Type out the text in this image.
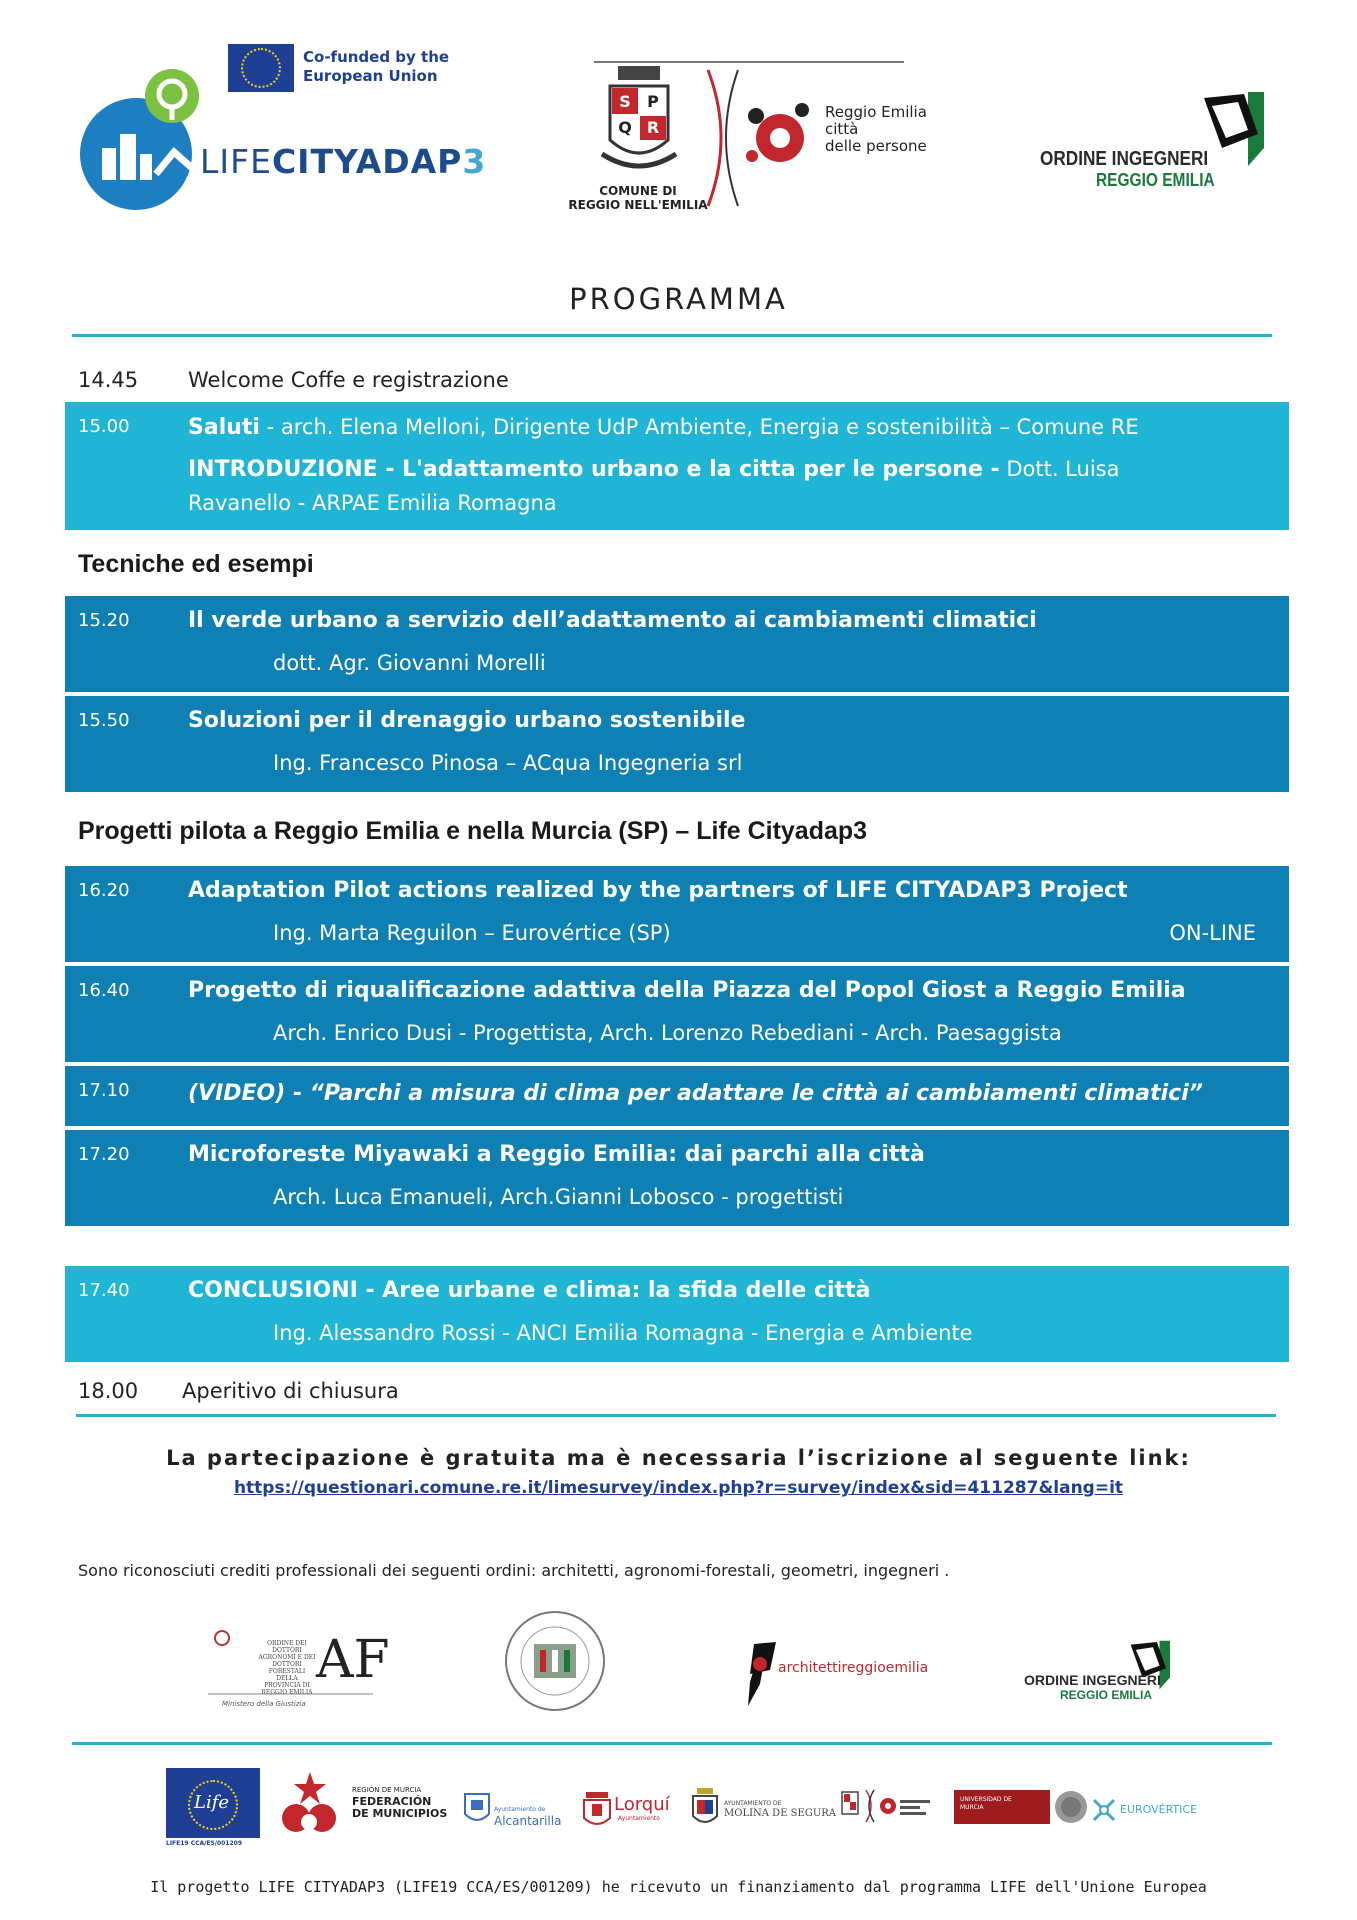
Co-funded by the European Union
LIFECITYADAP3
S P
Q R
COMUNE DI
REGGIO NELL'EMILIA
Reggio Emilia
città
delle persone
ORDINE INGEGNERI
REGGIO EMILIA
PROGRAMMA
14.45 Welcome Coffe e registrazione
15.00	Saluti - arch. Elena Melloni, Dirigente UdP Ambiente, Energia e sostenibilità – Comune RE
INTRODUZIONE - L'adattamento urbano e la citta per le persone - Dott. Luisa
Ravanello - ARPAE Emilia Romagna
Tecniche ed esempi
15.20	Il verde urbano a servizio dell’adattamento ai cambiamenti climatici
dott. Agr. Giovanni Morelli
15.50	Soluzioni per il drenaggio urbano sostenibile
Ing. Francesco Pinosa – ACqua Ingegneria srl
Progetti pilota a Reggio Emilia e nella Murcia (SP) – Life Cityadap3
16.20	Adaptation Pilot actions realized by the partners of LIFE CITYADAP3 Project
Ing. Marta Reguilon – Eurovértice (SP)	ON-LINE
16.40	Progetto di riqualificazione adattiva della Piazza del Popol Giost a Reggio Emilia
Arch. Enrico Dusi - Progettista, Arch. Lorenzo Rebediani - Arch. Paesaggista
17.10	(VIDEO) - “Parchi a misura di clima per adattare le città ai cambiamenti climatici”
17.20	Microforeste Miyawaki a Reggio Emilia: dai parchi alla città
Arch. Luca Emanueli, Arch.Gianni Lobosco - progettisti
17.40	CONCLUSIONI - Aree urbane e clima: la sfida delle città
Ing. Alessandro Rossi - ANCI Emilia Romagna - Energia e Ambiente
18.00 Aperitivo di chiusura
La partecipazione è gratuita ma è necessaria l’iscrizione al seguente link:
https://questionari.comune.re.it/limesurvey/index.php?r=survey/index&sid=411287&lang=it
Sono riconosciuti crediti professionali dei seguenti ordini: architetti, agronomi-forestali, geometri, ingegneri .
ORDINE DEI DOTTORI AGRONOMI E DEI DOTTORI FORESTALI DELLA PROVINCIA DI REGGIO EMILIA
AF
Ministero della Giustizia
architettireggioemilia
ORDINE INGEGNERI
REGGIO EMILIA
Life
LIFE19 CCA/ES/001209
REGIÓN DE MURCIA
FEDERACIÓN
DE MUNICIPIOS	Ayuntamiento de
Alcantarilla
Lorquí
Ayuntamiento
AYUNTAMIENTO DE
MOLINA DE SEGURA
UNIVERSIDAD DE
MURCIA	EUROVÉRTICE
Il progetto LIFE CITYADAP3 (LIFE19 CCA/ES/001209) he ricevuto un finanziamento dal programma LIFE dell'Unione Europea
